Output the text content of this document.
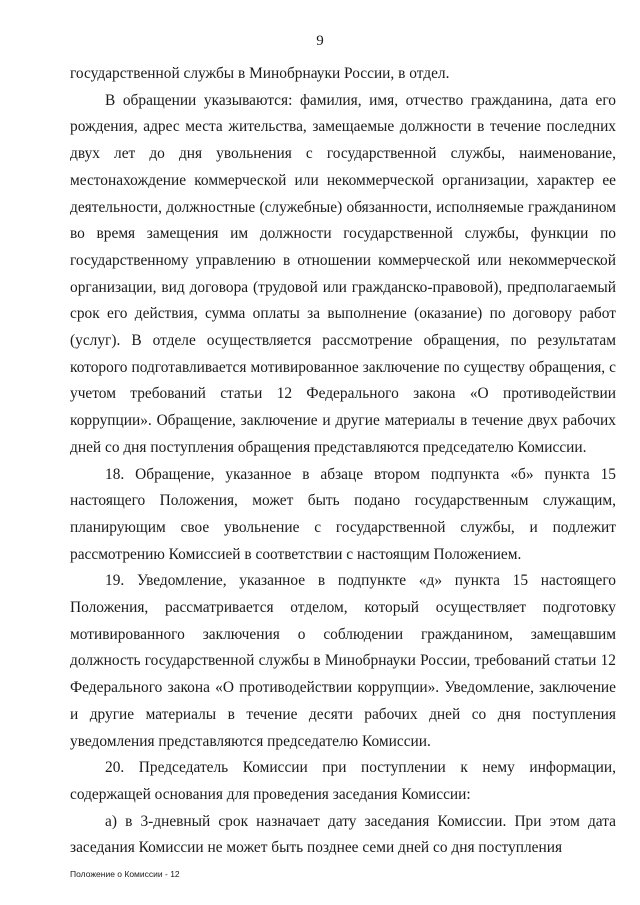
9

государственной службы в Минобрнауки России, в отдел.

В обращении указываются: фамилия, имя, отчество гражданина, дата его рождения, адрес места жительства, замещаемые должности в течение последних двух лет до дня увольнения с государственной службы, наименование, местонахождение коммерческой или некоммерческой организации, характер ее деятельности, должностные (служебные) обязанности, исполняемые гражданином во время замещения им должности государственной службы, функции по государственному управлению в отношении коммерческой или некоммерческой организации, вид договора (трудовой или гражданско-правовой), предполагаемый срок его действия, сумма оплаты за выполнение (оказание) по договору работ (услуг). В отделе осуществляется рассмотрение обращения, по результатам которого подготавливается мотивированное заключение по существу обращения, с учетом требований статьи 12 Федерального закона «О противодействии коррупции». Обращение, заключение и другие материалы в течение двух рабочих дней со дня поступления обращения представляются председателю Комиссии.

18. Обращение, указанное в абзаце втором подпункта «б» пункта 15 настоящего Положения, может быть подано государственным служащим, планирующим свое увольнение с государственной службы, и подлежит рассмотрению Комиссией в соответствии с настоящим Положением.

19. Уведомление, указанное в подпункте «д» пункта 15 настоящего Положения, рассматривается отделом, который осуществляет подготовку мотивированного заключения о соблюдении гражданином, замещавшим должность государственной службы в Минобрнауки России, требований статьи 12 Федерального закона «О противодействии коррупции». Уведомление, заключение и другие материалы в течение десяти рабочих дней со дня поступления уведомления представляются председателю Комиссии.

20. Председатель Комиссии при поступлении к нему информации, содержащей основания для проведения заседания Комиссии:

а) в 3-дневный срок назначает дату заседания Комиссии. При этом дата заседания Комиссии не может быть позднее семи дней со дня поступления

Положение о Комиссии - 12
